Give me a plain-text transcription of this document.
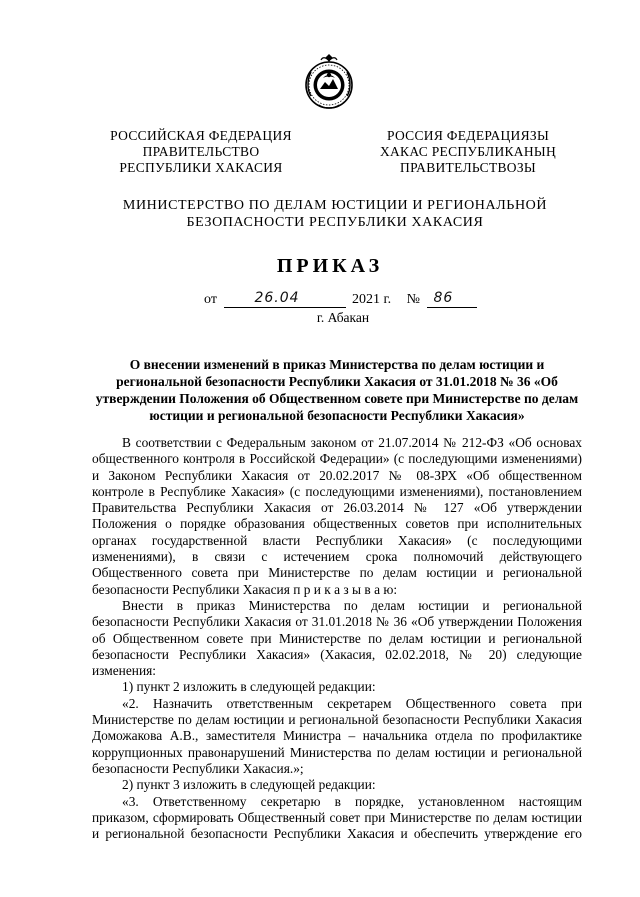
РОССИЙСКАЯ ФЕДЕРАЦИЯ
ПРАВИТЕЛЬСТВО
РЕСПУБЛИКИ ХАКАСИЯ
РОССИЯ ФЕДЕРАЦИЯЗЫ
ХАКАС РЕСПУБЛИКАНЫҢ
ПРАВИТЕЛЬСТВОЗЫ
МИНИСТЕРСТВО ПО ДЕЛАМ ЮСТИЦИИ И РЕГИОНАЛЬНОЙ
БЕЗОПАСНОСТИ РЕСПУБЛИКИ ХАКАСИЯ
ПРИКАЗ
от	26.04	2021 г. № 86
г. Абакан
О внесении изменений в приказ Министерства по делам юстиции и
региональной безопасности Республики Хакасия от 31.01.2018 № 36 «Об
утверждении Положения об Общественном совете при Министерстве по делам
юстиции и региональной безопасности Республики Хакасия»

В соответствии с Федеральным законом от 21.07.2014 № 212-ФЗ «Об основах

общественного контроля в Российской Федерации» (с последующими изменениями)

и Законом Республики Хакасия от 20.02.2017 № 08-ЗРХ «Об общественном

контроле в Республике Хакасия» (с последующими изменениями), постановлением

Правительства Республики Хакасия от 26.03.2014 № 127 «Об утверждении

Положения о порядке образования общественных советов при исполнительных

органах государственной власти Республики Хакасия» (с последующими

изменениями), в связи с истечением срока полномочий действующего

Общественного совета при Министерстве по делам юстиции и региональной

безопасности Республики Хакасия п р и к а з ы в а ю:

Внести в приказ Министерства по делам юстиции и региональной

безопасности Республики Хакасия от 31.01.2018 № 36 «Об утверждении Положения

об Общественном совете при Министерстве по делам юстиции и региональной

безопасности Республики Хакасия» (Хакасия, 02.02.2018, № 20) следующие

изменения:

1) пункт 2 изложить в следующей редакции:

«2. Назначить ответственным секретарем Общественного совета при

Министерстве по делам юстиции и региональной безопасности Республики Хакасия

Доможакова А.В., заместителя Министра – начальника отдела по профилактике

коррупционных правонарушений Министерства по делам юстиции и региональной

безопасности Республики Хакасия.»;

2) пункт 3 изложить в следующей редакции:

«3. Ответственному секретарю в порядке, установленном настоящим

приказом, сформировать Общественный совет при Министерстве по делам юстиции

и региональной безопасности Республики Хакасия и обеспечить утверждение его
